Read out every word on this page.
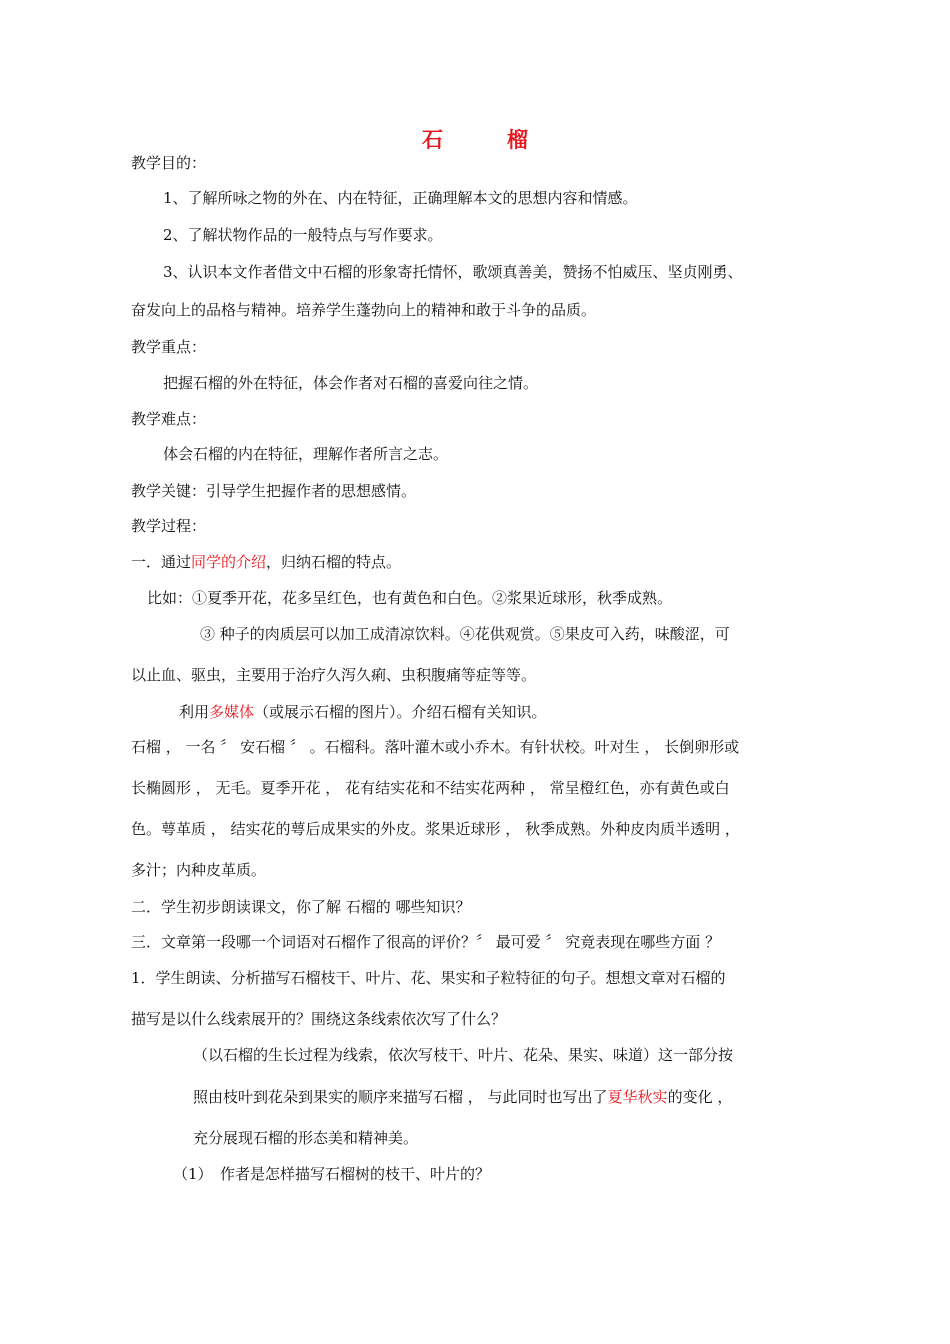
石榴

教学目的：

1、了解所咏之物的外在、内在特征，正确理解本文的思想内容和情感。

2、了解状物作品的一般特点与写作要求。

3、认识本文作者借文中石榴的形象寄托情怀，歌颂真善美，赞扬不怕威压、坚贞刚勇、

奋发向上的品格与精神。培养学生蓬勃向上的精神和敢于斗争的品质。

教学重点：

把握石榴的外在特征，体会作者对石榴的喜爱向往之情。

教学难点：

体会石榴的内在特征，理解作者所言之志。

教学关键：引导学生把握作者的思想感情。

教学过程：

一．通过同学的介绍，归纳石榴的特点。

比如：①夏季开花，花多呈红色，也有黄色和白色。②浆果近球形，秋季成熟。

③ 种子的肉质层可以加工成清凉饮料。④花供观赏。⑤果皮可入药，味酸涩，可

以止血、驱虫，主要用于治疗久泻久痢、虫积腹痛等症等等。

利用多媒体（或展示石榴的图片）。介绍石榴有关知识。

石榴 ， 一名 〞 安石榴 〞 。石榴科。落叶灌木或小乔木。有针状校。叶对生 ， 长倒卵形或

长椭圆形 ， 无毛。夏季开花 ， 花有结实花和不结实花两种 ， 常呈橙红色，亦有黄色或白

色。萼革质 ， 结实花的萼后成果实的外皮。浆果近球形 ， 秋季成熟。外种皮肉质半透明 ，

多汁；内种皮革质。

二．学生初步朗读课文，你了解 石榴的 哪些知识？

三．文章第一段哪一个词语对石榴作了很高的评价？〞 最可爱 〞 究竟表现在哪些方面 ？

1．学生朗读、分析描写石榴枝干、叶片、花、果实和子粒特征的句子。想想文章对石榴的

描写是以什么线索展开的？围绕这条线索依次写了什么？

（以石榴的生长过程为线索，依次写枝干、叶片、花朵、果实、味道）这一部分按

照由枝叶到花朵到果实的顺序来描写石榴 ， 与此同时也写出了夏华秋实的变化 ，

充分展现石榴的形态美和精神美。

（1）　作者是怎样描写石榴树的枝干、叶片的？
